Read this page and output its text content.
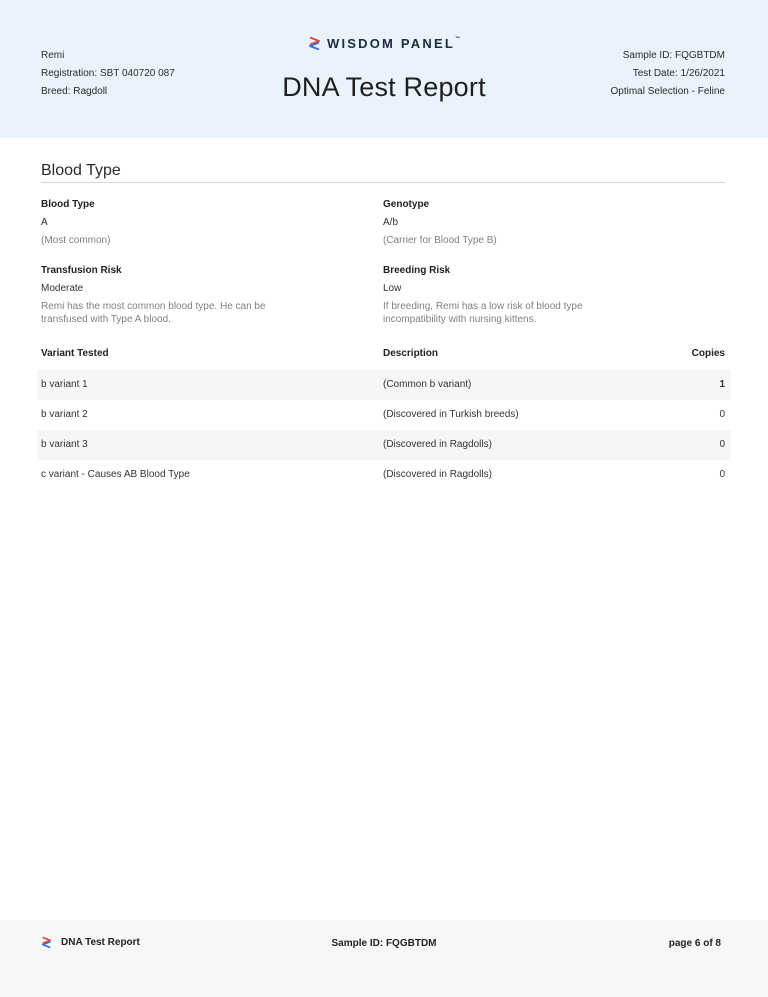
Remi
Registration: SBT 040720 087
Breed: Ragdoll
WISDOM PANEL™
DNA Test Report
Sample ID: FQGBTDM
Test Date: 1/26/2021
Optimal Selection - Feline
Blood Type
Blood Type
A
(Most common)
Genotype
A/b
(Carrier for Blood Type B)
Transfusion Risk
Moderate
Remi has the most common blood type. He can be transfused with Type A blood.
Breeding Risk
Low
If breeding, Remi has a low risk of blood type incompatibility with nursing kittens.
Variant Tested	Description	Copies
b variant 1	(Common b variant)	1
b variant 2	(Discovered in Turkish breeds)	0
b variant 3	(Discovered in Ragdolls)	0
c variant - Causes AB Blood Type	(Discovered in Ragdolls)	0
DNA Test Report	Sample ID: FQGBTDM	page 6 of 8
